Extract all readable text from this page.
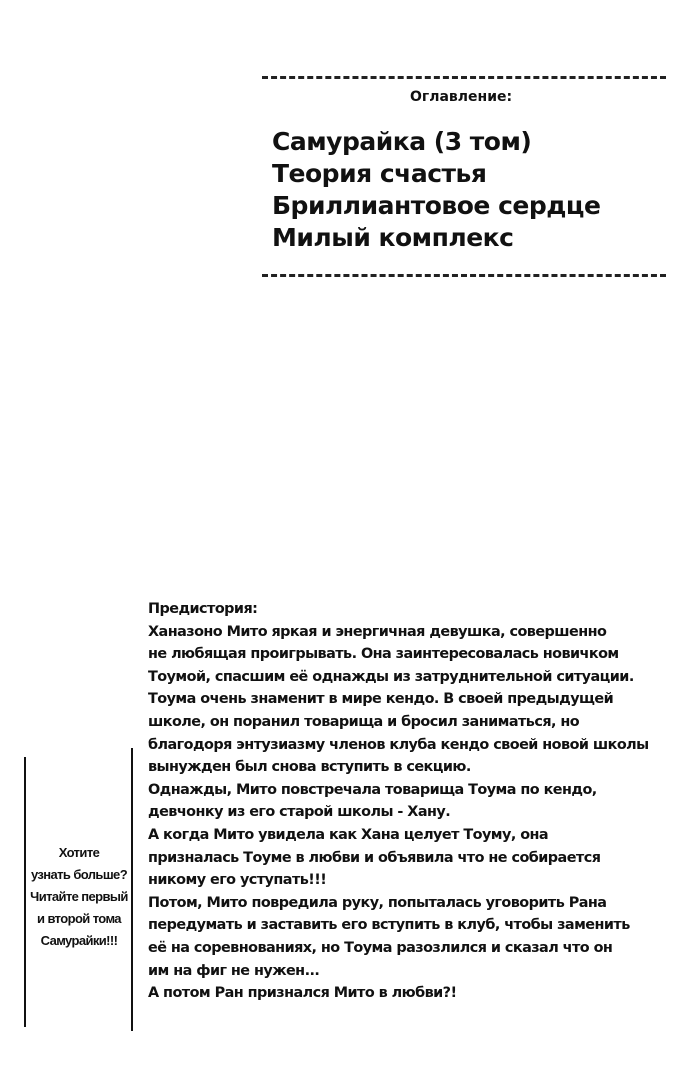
Оглавление:
Самурайка (3 том)
Теория счастья
Бриллиантовое сердце
Милый комплекс
Предистория:
Ханазоно Мито яркая и энергичная девушка, совершенно
не любящая проигрывать. Она заинтересовалась новичком
Тоумой, спасшим её однажды из затруднительной ситуации.
Тоума очень знаменит в мире кендо. В своей предыдущей
школе, он поранил товарища и бросил заниматься, но
благодоря энтузиазму членов клуба кендо своей новой школы
вынужден был снова вступить в секцию.
Однажды, Мито повстречала товарища Тоума по кендо,
девчонку из его старой школы - Хану.
А когда Мито увидела как Хана целует Тоуму, она
призналась Тоуме в любви и объявила что не собирается
никому его уступать!!!
Потом, Мито повредила руку, попыталась уговорить Рана
передумать и заставить его вступить в клуб, чтобы заменить
её на соревнованиях, но Тоума разозлился и сказал что он
им на фиг не нужен...
А потом Ран признался Мито в любви?!
Хотите
узнать больше?
Читайте первый
и второй тома
Самурайки!!!
